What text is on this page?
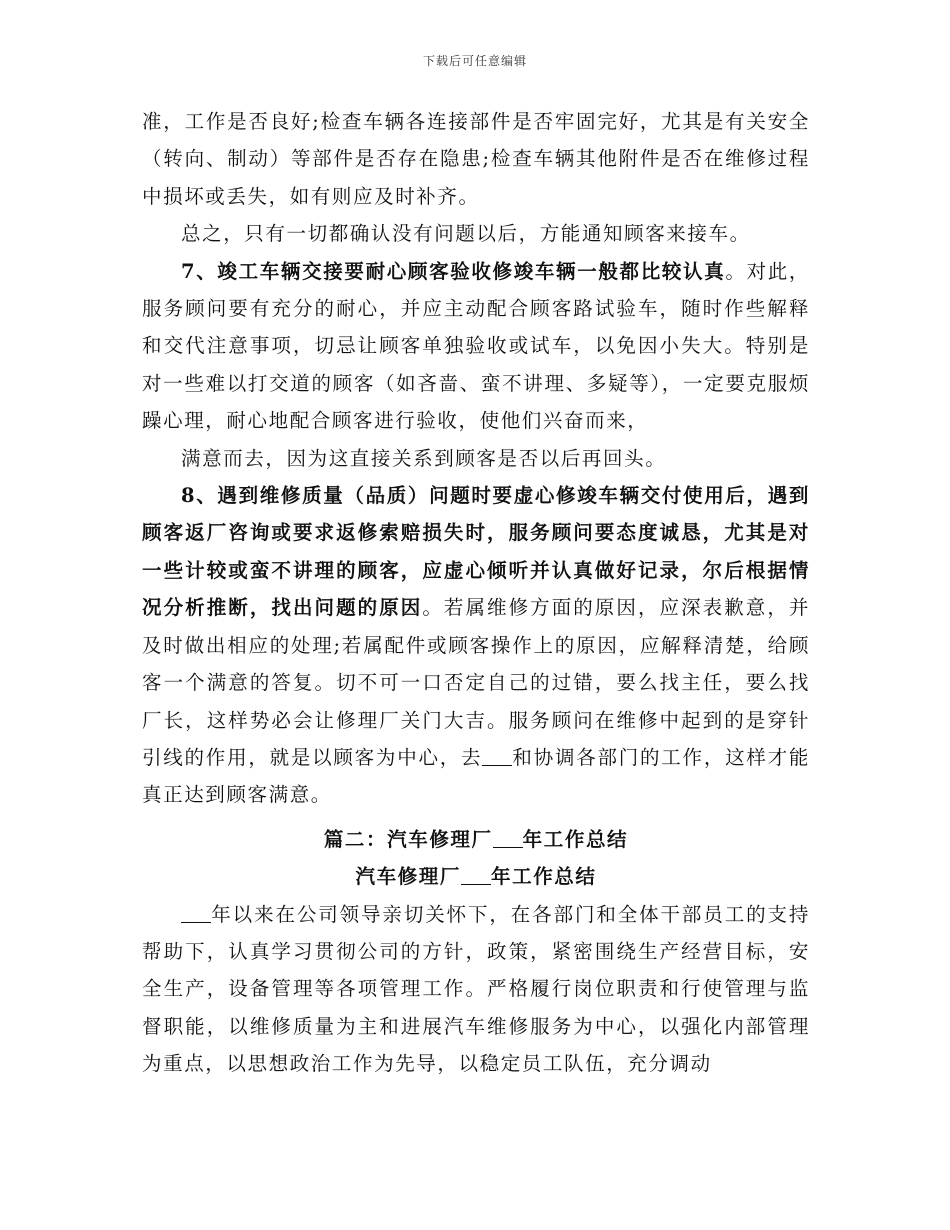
下载后可任意编辑

准，工作是否良好;检查车辆各连接部件是否牢固完好，尤其是有关安全（转向、制动）等部件是否存在隐患;检查车辆其他附件是否在维修过程中损坏或丢失，如有则应及时补齐。

总之，只有一切都确认没有问题以后，方能通知顾客来接车。

7、竣工车辆交接要耐心顾客验收修竣车辆一般都比较认真。对此，服务顾问要有充分的耐心，并应主动配合顾客路试验车，随时作些解释和交代注意事项，切忌让顾客单独验收或试车，以免因小失大。特别是对一些难以打交道的顾客（如吝啬、蛮不讲理、多疑等），一定要克服烦躁心理，耐心地配合顾客进行验收，使他们兴奋而来，

满意而去，因为这直接关系到顾客是否以后再回头。

8、遇到维修质量（品质）问题时要虚心修竣车辆交付使用后，遇到顾客返厂咨询或要求返修索赔损失时，服务顾问要态度诚恳，尤其是对一些计较或蛮不讲理的顾客，应虚心倾听并认真做好记录，尔后根据情况分析推断，找出问题的原因。若属维修方面的原因，应深表歉意，并及时做出相应的处理;若属配件或顾客操作上的原因，应解释清楚，给顾客一个满意的答复。切不可一口否定自己的过错，要么找主任，要么找厂长，这样势必会让修理厂关门大吉。服务顾问在维修中起到的是穿针引线的作用，就是以顾客为中心，去 和协调各部门的工作，这样才能真正达到顾客满意。

篇二：汽车修理厂 年工作总结

汽车修理厂 年工作总结

年以来在公司领导亲切关怀下，在各部门和全体干部员工的支持帮助下，认真学习贯彻公司的方针，政策，紧密围绕生产经营目标，安全生产，设备管理等各项管理工作。严格履行岗位职责和行使管理与监督职能，以维修质量为主和进展汽车维修服务为中心，以强化内部管理为重点，以思想政治工作为先导，以稳定员工队伍，充分调动
